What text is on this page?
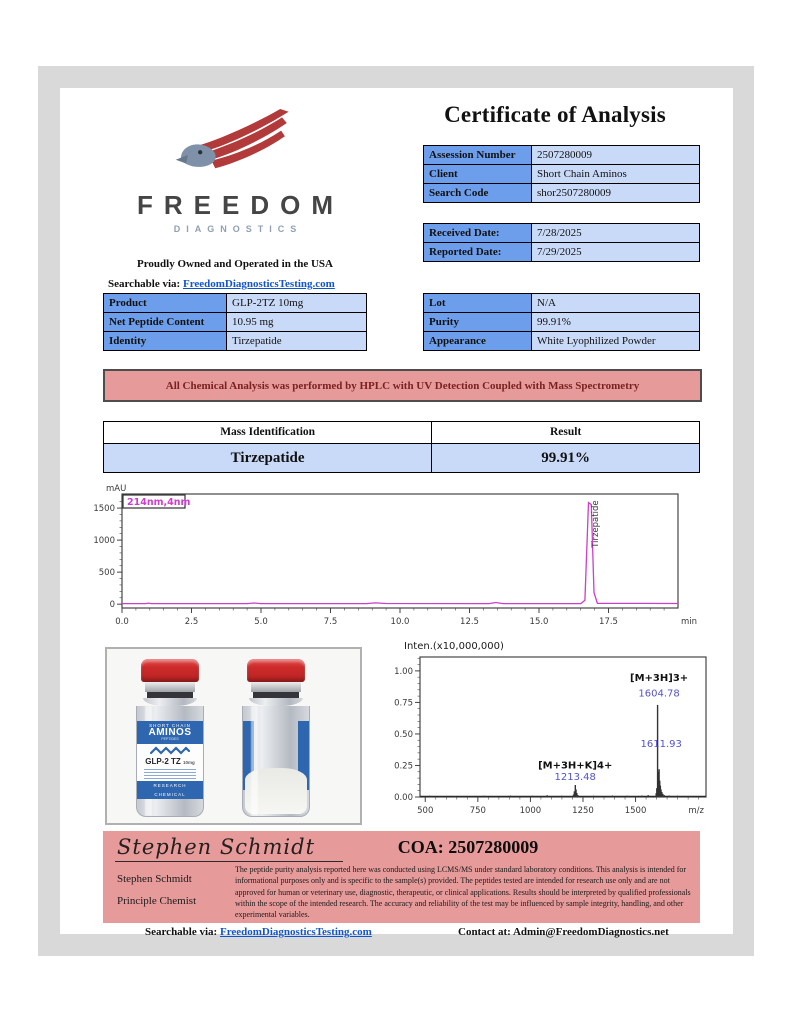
FREEDOM
DIAGNOSTICS
Certificate of Analysis
Assession Number	2507280009
Client	Short Chain Aminos
Search Code	shor2507280009
Received Date:	7/28/2025
Reported Date:	7/29/2025
Proudly Owned and Operated in the USA
Searchable via: FreedomDiagnosticsTesting.com
Product	GLP-2TZ 10mg
Net Peptide Content	10.95 mg
Identity	Tirzepatide
Lot	N/A
Purity	99.91%
Appearance	White Lyophilized Powder
All Chemical Analysis was performed by HPLC with UV Detection Coupled with Mass Spectrometry
Mass Identification	Result
Tirzepatide	99.91%
mAU
0
500
1000
1500
0.0	2.5	5.0	7.5	10.0	12.5	15.0	17.5	min
214nm,4nm	Tirzepatide
SHORT CHAIN
AMINOS
PEPTIDES
GLP-2 TZ 10mg
RESEARCH CHEMICAL
Inten.(x10,000,000)
0.00
0.25
0.50
0.75
1.00
500	750	1000	1250	1500	m/z
[M+3H+K]4+
1213.48
[M+3H]3+
1604.78
1611.93
Stephen Schmidt
Stephen Schmidt
Principle Chemist
COA: 2507280009
The peptide purity analysis reported here was conducted using LCMS/MS under standard laboratory conditions. This analysis is intended for informational purposes only and is specific to the sample(s) provided. The peptides tested are intended for research use only and are not approved for human or veterinary use, diagnostic, therapeutic, or clinical applications. Results should be interpreted by qualified professionals within the scope of the intended research. The accuracy and reliability of the test may be influenced by sample integrity, handling, and other experimental variables.
Searchable via: FreedomDiagnosticsTesting.com	Contact at: Admin@FreedomDiagnostics.net
